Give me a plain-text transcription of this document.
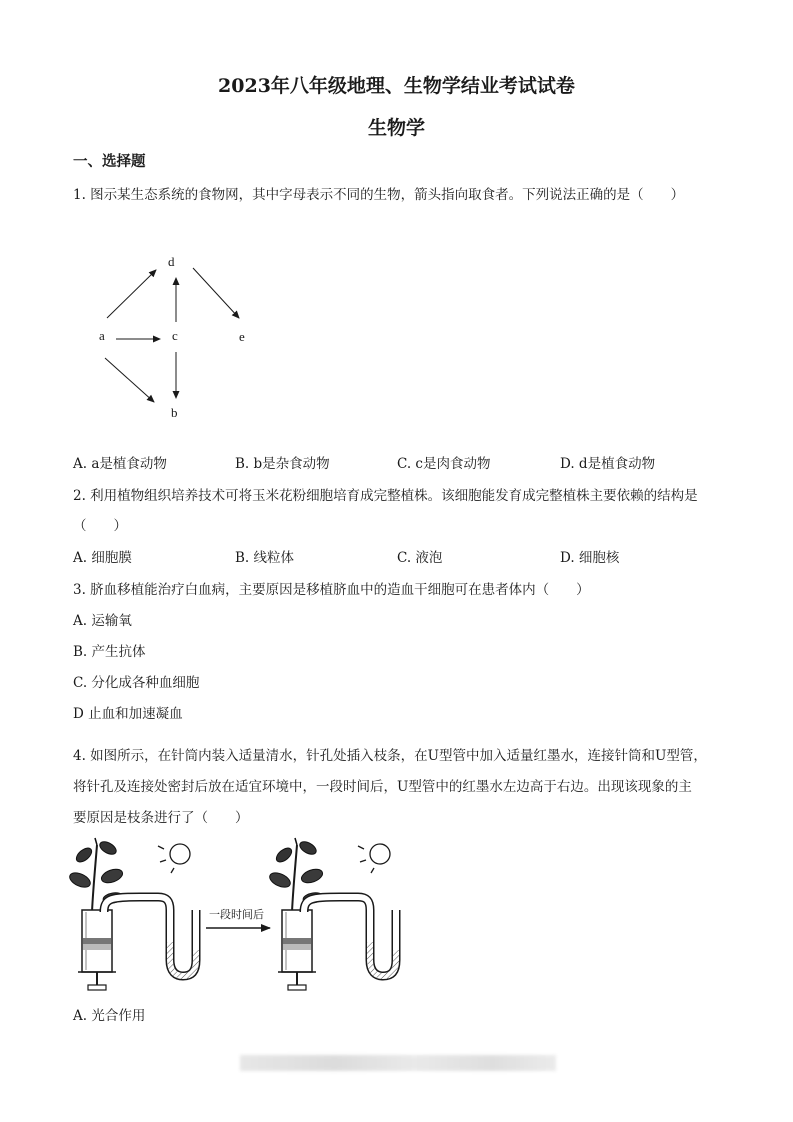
2023年八年级地理、生物学结业考试试卷
生物学
一、选择题
1. 图示某生态系统的食物网，其中字母表示不同的生物，箭头指向取食者。下列说法正确的是（　　）
d
a	c	e
b
A. a是植食动物	B. b是杂食动物	C. c是肉食动物	D. d是植食动物
2. 利用植物组织培养技术可将玉米花粉细胞培育成完整植株。该细胞能发育成完整植株主要依赖的结构是
（　　）
A. 细胞膜	B. 线粒体	C. 液泡	D. 细胞核
3. 脐血移植能治疗白血病，主要原因是移植脐血中的造血干细胞可在患者体内（　　）
A. 运输氧
B. 产生抗体
C. 分化成各种血细胞
D 止血和加速凝血
4. 如图所示，在针筒内装入适量清水，针孔处插入枝条，在U型管中加入适量红墨水，连接针筒和U型管，
将针孔及连接处密封后放在适宜环境中，一段时间后，U型管中的红墨水左边高于右边。出现该现象的主
要原因是枝条进行了（　　）
一段时间后
A. 光合作用
